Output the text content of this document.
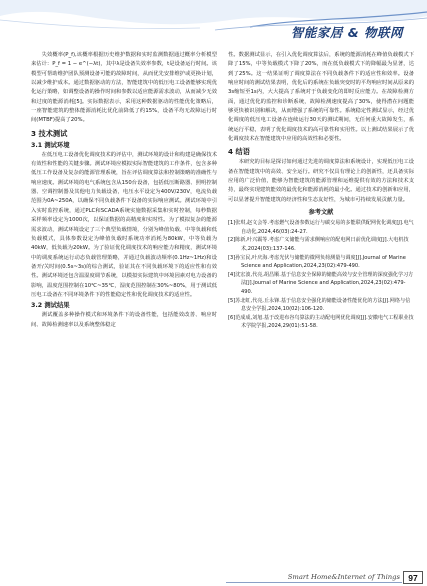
智能家居 & 物联网

失效概率(P_f),该概率根据历史维护数据和实时监测数据通过概率分析模型来估计：P_f = 1 − e^(−λt)，其中λ是设备失效率参数，t是设备运行时间。该模型可帮助维护团队预测设备可能的故障时间，从而优先安排维护或更换计划，以减少维护成本。通过数据驱动的方法，智能建筑中的低压电工设备能够实现优化运行策略，如调整设备的操作时间和参数以适应能源需求波动，从而减少无效和过度的能源消耗[5]。实际数据表示，采用这种数据驱动的性能优化策略后，一座智能建筑的整体能源消耗比优化前降低了约15%，设备平均无故障运行时间(MTBF)提高了20%。

3 技术测试
3.1 测试环境

在低压电工设备优化调度技术的评估中，测试环境的设计和构建是确保技术有效性和性能的关键步骤。测试环境应模拟实际智能建筑的工作条件，包含多种低压工作设备及复杂的能源管理系统，旨在评估调度算法和控制策略的准确性与响应速度。测试环境的电气系统包含从150台设备，包括低压断路器、照明控制器、空调控制器及其他电力负载设备，电压水平设定为400V/230V，电流负载范围为0A~250A，以确保不同负载条件下设备的实际响应测试。测试环境中引入实时监控系统，通过PLC和SCADA系统实施数据采集和实时控制，每秒数据采样频率设定为1000次，以保证数据的高精度和实时性。为了模拟复杂的能源需求波动，测试环境设定了三个典型负载情境，分别为峰值负载、中等负载和低负载模式，具体参数设定为峰值负载时系统功率消耗为80kW，中等负载为40kW，低负载为20kW。为了验证优化调度技术的响应能力和精度，测试环境中的调度系统运行动态负载管理策略，并通过负载波动频率(0.1Hz~1Hz)和设备开/关时间(0.5s~3s)的综合测试，验证其在不同负载环境下的适应性和有效性。测试环境还包含温湿度调节系统，以模拟实际建筑中环境因素对电力设备的影响，温度范围控制在10℃~35℃，湿度范围控制在30%~80%，用于测试低压电工设备在不同环境条件下的性能稳定性和优化调度技术的适应性。

3.2 测试结果

测试覆盖多种操作模式和环境条件下的设备性能，包括能效改善、响应时间、故障检测速率以及系统整体稳定

性。数据测试显示，在引入优化调度算法后，系统的能源消耗在峰值负载模式下降了15%，中等负载模式下降了20%，而在低负载模式下的降幅最为显著，达到了25%。这一结果证明了调度算法在不同负载条件下的适应性和效率。设备响应时间的测试结果表明，优化后的系统在负载突变时的平均响应时间从原来的3s缩短至1s内，大大提高了系统对于负载变化的即时反应能力。在故障检测方面，通过优化的监控和诊断系统，故障检测速度提高了30%，使得潜在问题能够更快被识别和解决，从而增强了系统的可靠性。系统稳定性测试显示，经过优化调度的低压电工设备在连续运行30天的测试期间，无任何重大故障发生，系统运行平稳，表明了优化调度技术的高可靠性和实用性。以上测试结果展示了优化调度技术在智能建筑中应用的高效性和必要性。

4 结语

本研究的目标是探讨如何通过先进的调度算法和系统设计，实现低压电工设备在智能建筑中的高效、安全运行。研究不仅具有理论上的创新性，还具备实际应用的广泛价值，能够为智能建筑的能源管理和运维提供有效的方法和技术支持，最终实现建筑能效的最优化和能源消耗的最小化。通过技术的创新和应用，可以显著提升智能建筑的经济性和生态友好性，为城市可持续发展贡献力量。

参考文献
[1]张琪,赵文会等.考虑燃气设备参数运行与碳交易的多能联供配网优化调度[J].电气自动化,2024,46(03):24-27.
[2]陈新,叶兴霸等.考虑广义储能与需求侧响应的配电网日前优化调度[J].大电机技术,2024(03):137-146.
[3]孙宝民,叶庆海.考虑光伏与储能的微网负荷测量与调度[J].Journal of Marine Science and Application,2024,23(02):479-490.
[4]沈宏波,代亮,胡昌顺.基于信息安全保障的储能高效与安全管理的深度强化学习方法[J].Journal of Marine Science and Application,2024,23(02):479-490.
[5]苏北虹,代亮,丘永锋.基于信息安全强化的储能设备性能优化的方法[J].网络与信息安全学报,2024,10(02):106-120.
[6]范成成,刘旭.基于改进布谷鸟算法的主动配电网优化调度[J].安徽电气工程职业技术学院学报,2024,29(01):51-58.
Smart Home&Internet of Things 97
